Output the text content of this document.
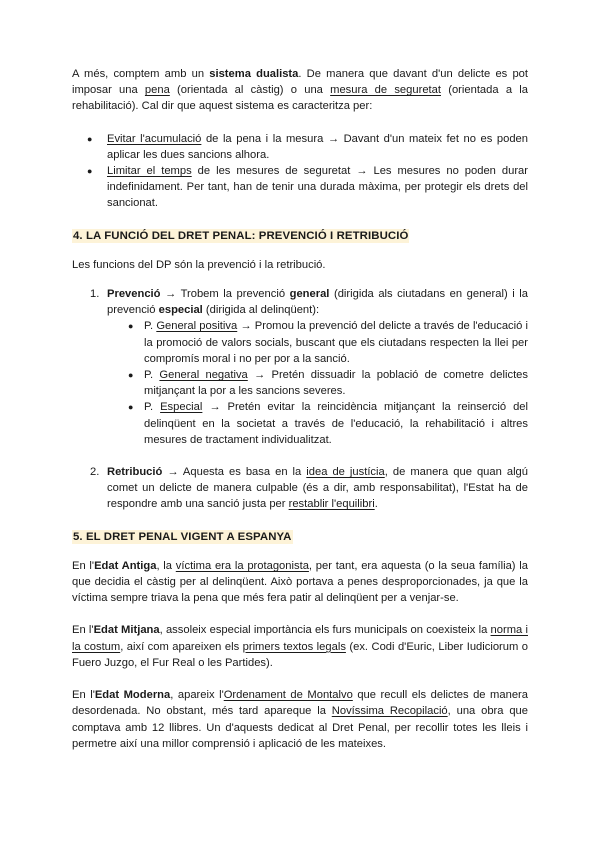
A més, comptem amb un sistema dualista. De manera que davant d'un delicte es pot imposar una pena (orientada al càstig) o una mesura de seguretat (orientada a la rehabilitació). Cal dir que aquest sistema es caracteritza per:

● Evitar l'acumulació de la pena i la mesura → Davant d'un mateix fet no es poden aplicar les dues sancions alhora.
● Limitar el temps de les mesures de seguretat → Les mesures no poden durar indefinidament. Per tant, han de tenir una durada màxima, per protegir els drets del sancionat.

4. LA FUNCIÓ DEL DRET PENAL: PREVENCIÓ I RETRIBUCIÓ

Les funcions del DP són la prevenció i la retribució.

1. Prevenció → Trobem la prevenció general (dirigida als ciutadans en general) i la prevenció especial (dirigida al delinqüent):
● P. General positiva → Promou la prevenció del delicte a través de l'educació i la promoció de valors socials, buscant que els ciutadans respecten la llei per compromís moral i no per por a la sanció.
● P. General negativa → Pretén dissuadir la població de cometre delictes mitjançant la por a les sancions severes.
● P. Especial → Pretén evitar la reincidència mitjançant la reinserció del delinqüent en la societat a través de l'educació, la rehabilitació i altres mesures de tractament individualitzat.
2. Retribució → Aquesta es basa en la idea de justícia, de manera que quan algú comet un delicte de manera culpable (és a dir, amb responsabilitat), l'Estat ha de respondre amb una sanció justa per restablir l'equilibri.

5. EL DRET PENAL VIGENT A ESPANYA

En l'Edat Antiga, la víctima era la protagonista, per tant, era aquesta (o la seua família) la que decidia el càstig per al delinqüent. Això portava a penes desproporcionades, ja que la víctima sempre triava la pena que més fera patir al delinqüent per a venjar-se.

En l'Edat Mitjana, assoleix especial importància els furs municipals on coexisteix la norma i la costum, així com apareixen els primers textos legals (ex. Codi d'Euric, Liber Iudiciorum o Fuero Juzgo, el Fur Real o les Partides).

En l'Edat Moderna, apareix l'Ordenament de Montalvo que recull els delictes de manera desordenada. No obstant, més tard apareque la Novíssima Recopilació, una obra que comptava amb 12 llibres. Un d'aquests dedicat al Dret Penal, per recollir totes les lleis i permetre així una millor comprensió i aplicació de les mateixes.
